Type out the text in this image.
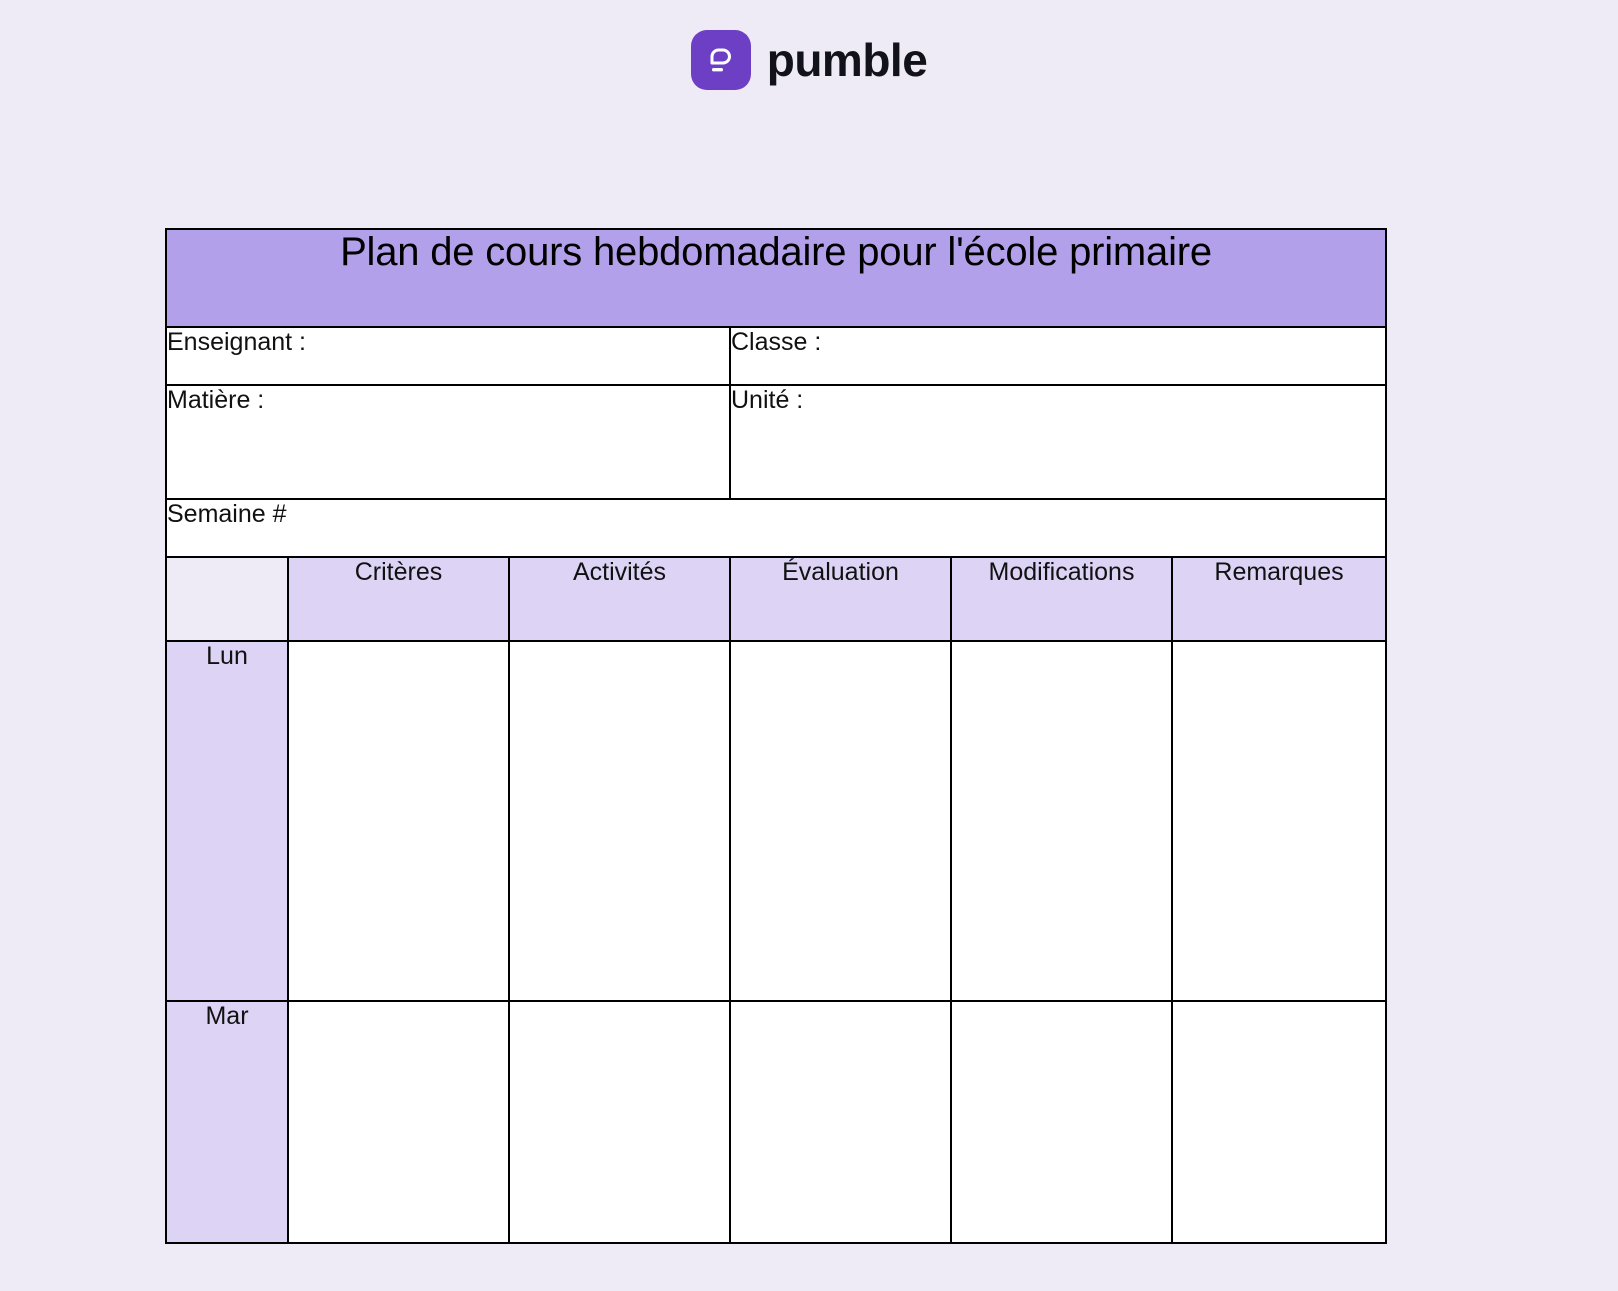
pumble
Plan de cours hebdomadaire pour l'école primaire					
Enseignant :			Classe :		
Matière :			Unité :		
Semaine #					
	Critères	Activités	Évaluation	Modifications	Remarques
Lun					
Mar					
